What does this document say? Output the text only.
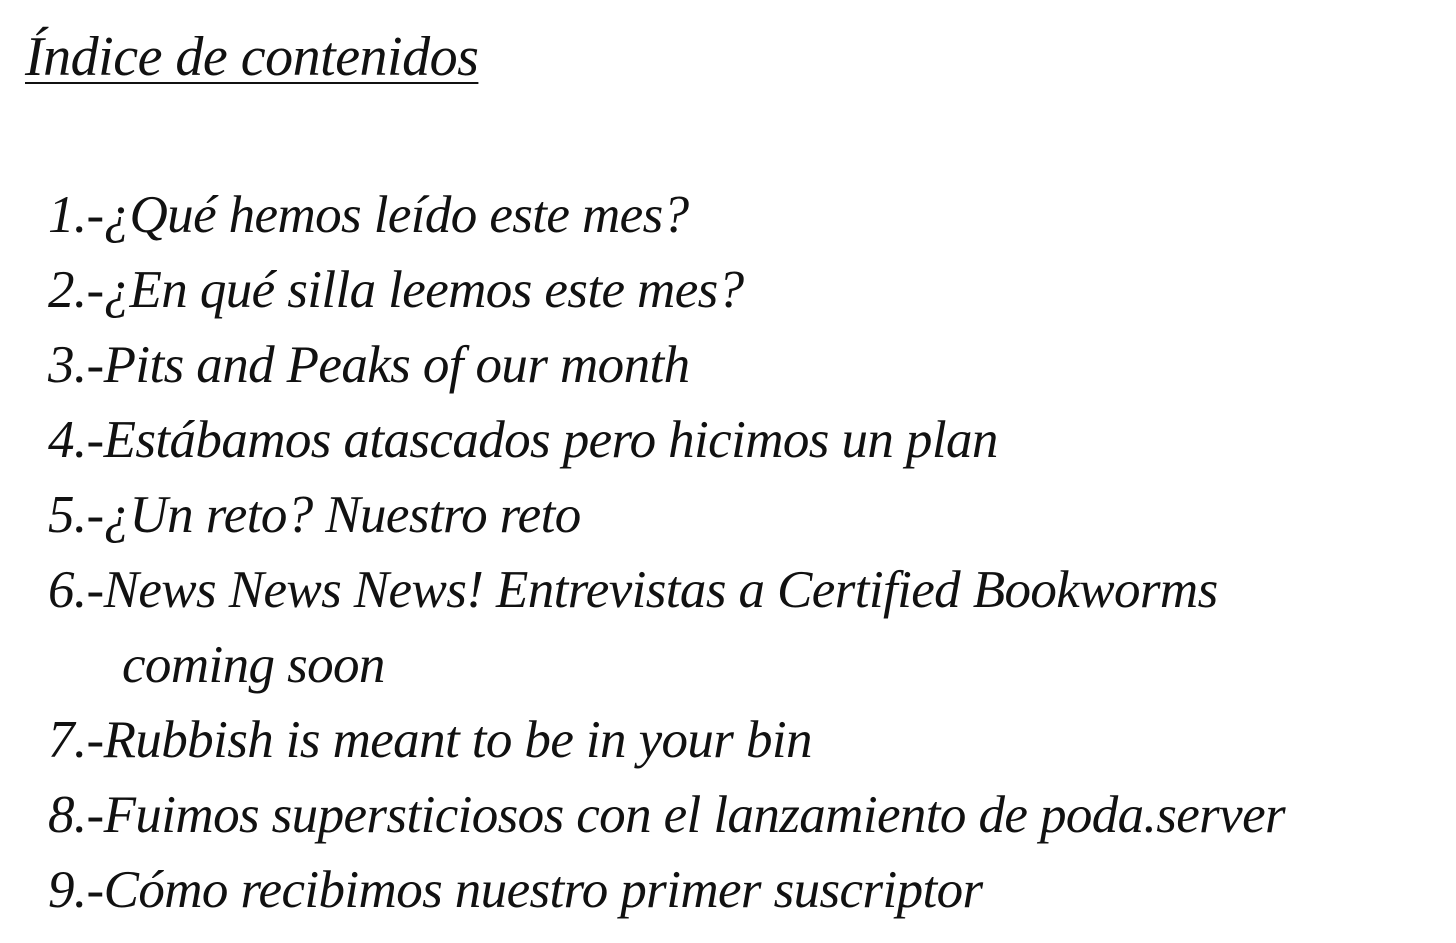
Índice de contenidos
1.-¿Qué hemos leído este mes?
2.-¿En qué silla leemos este mes?
3.-Pits and Peaks of our month
4.-Estábamos atascados pero hicimos un plan
5.-¿Un reto? Nuestro reto
6.-News News News! Entrevistas a Certified Bookworms
coming soon
7.-Rubbish is meant to be in your bin
8.-Fuimos supersticiosos con el lanzamiento de poda.server
9.-Cómo recibimos nuestro primer suscriptor
